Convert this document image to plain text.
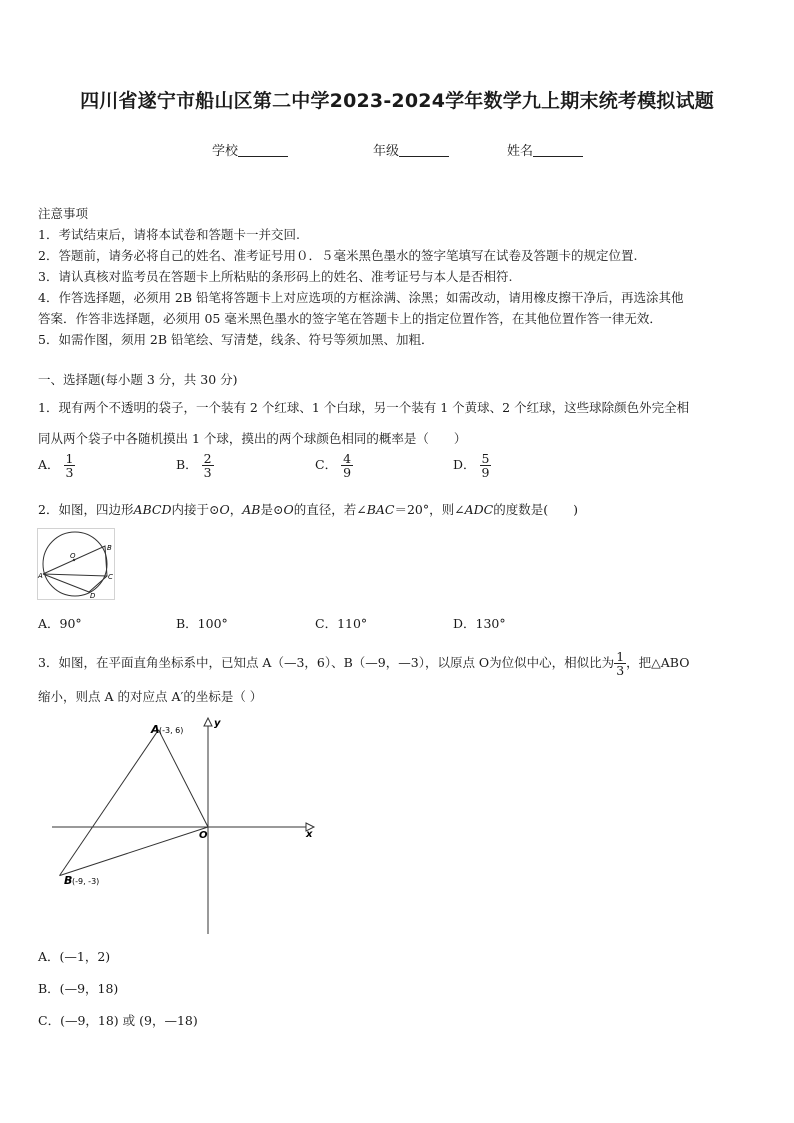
四川省遂宁市船山区第二中学2023-2024学年数学九上期末统考模拟试题
学校	年级	姓名
注意事项
1．考试结束后，请将本试卷和答题卡一并交回.
2．答题前，请务必将自己的姓名、准考证号用０．５毫米黑色墨水的签字笔填写在试卷及答题卡的规定位置.
3．请认真核对监考员在答题卡上所粘贴的条形码上的姓名、准考证号与本人是否相符.
4．作答选择题，必须用 2B 铅笔将答题卡上对应选项的方框涂满、涂黑；如需改动，请用橡皮擦干净后，再选涂其他
答案．作答非选择题，必须用 05 毫米黑色墨水的签字笔在答题卡上的指定位置作答，在其他位置作答一律无效．
5．如需作图，须用 2B 铅笔绘、写清楚，线条、符号等须加黑、加粗．
一、选择题(每小题 3 分，共 30 分)
1．现有两个不透明的袋子，一个装有 2 个红球、1 个白球，另一个装有 1 个黄球、2 个红球，这些球除颜色外完全相
同从两个袋子中各随机摸出 1 个球，摸出的两个球颜色相同的概率是（　　）
A． $\frac{1}{3}$	B． $\frac{2}{3}$	C． $\frac{4}{9}$	D． $\frac{5}{9}$
2．如图，四边形ABCD内接于⊙O，AB是⊙O的直径，若∠BAC＝20°，则∠ADC的度数是(　　)
O
B
A	C
D
A．90°	B．100°	C．110°	D．130°
3．如图，在平面直角坐标系中，已知点 A（—3，6）、B（—9，—3），以原点 O为位似中心，相似比为 $\frac{1}{3}$ ，把△ABO
缩小，则点 A 的对应点 A′的坐标是（ ）
A (-3, 6)
B (-9, -3)
O	x
y
A．(—1，2)
B．(—9，18)
C．(—9，18) 或 (9，—18)
